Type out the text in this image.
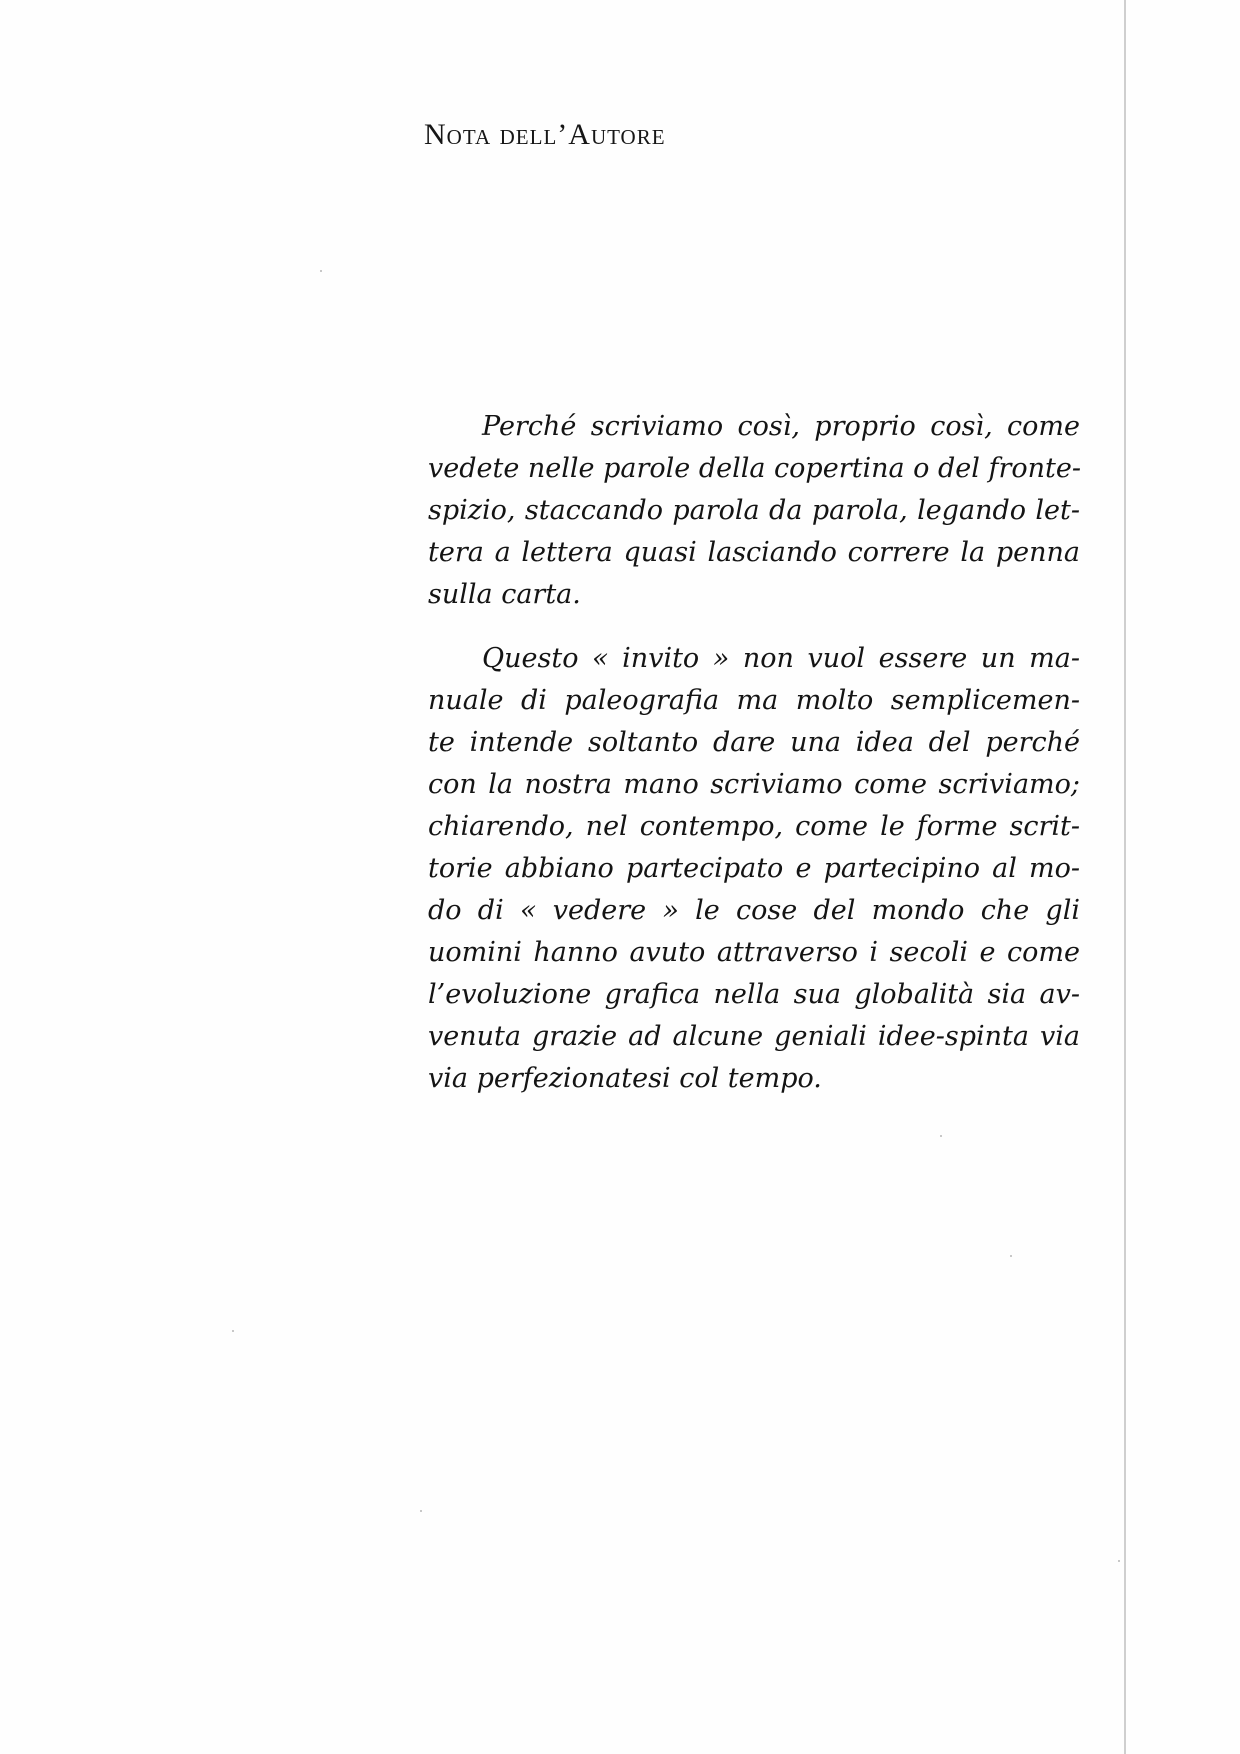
Nota dell’Autore
Perché scriviamo così, proprio così, come
vedete nelle parole della copertina o del fronte-
spizio, staccando parola da parola, legando let-
tera a lettera quasi lasciando correre la penna
sulla carta.
Questo « invito » non vuol essere un ma-
nuale di paleografia ma molto semplicemen-
te intende soltanto dare una idea del perché
con la nostra mano scriviamo come scriviamo;
chiarendo, nel contempo, come le forme scrit-
torie abbiano partecipato e partecipino al mo-
do di « vedere » le cose del mondo che gli
uomini hanno avuto attraverso i secoli e come
l’evoluzione grafica nella sua globalità sia av-
venuta grazie ad alcune geniali idee-spinta via
via perfezionatesi col tempo.
